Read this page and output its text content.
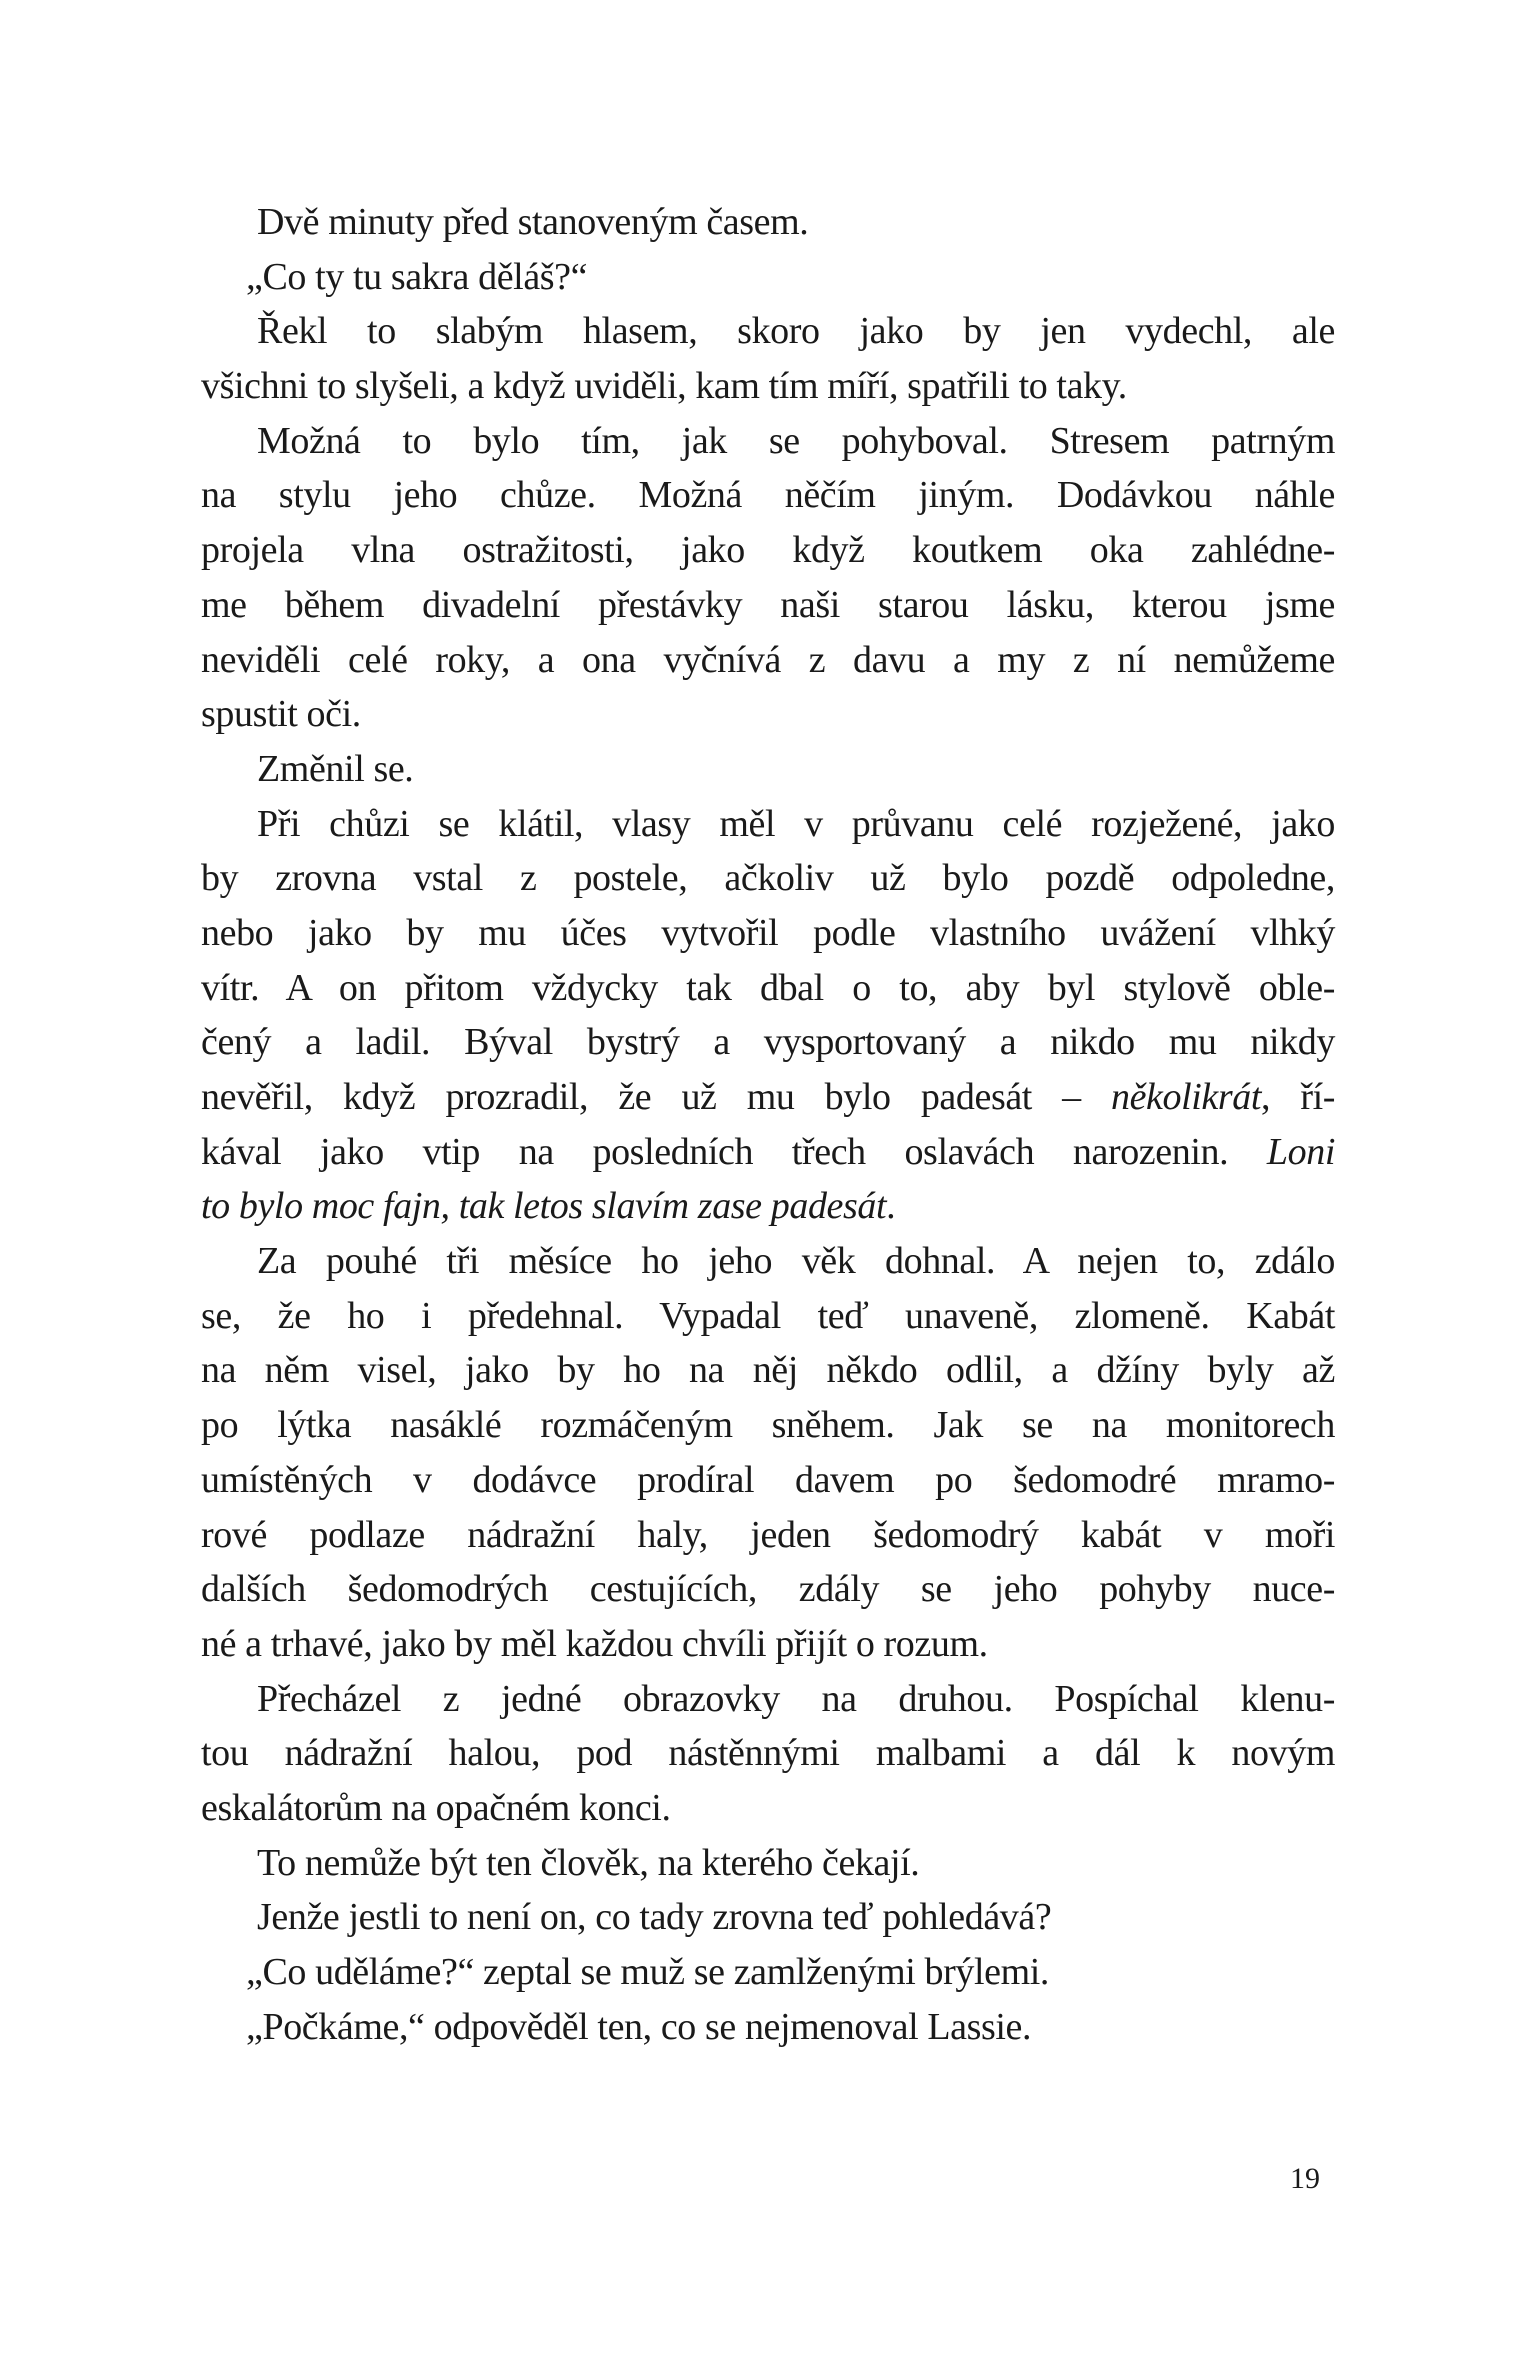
Dvě minuty před stanoveným časem.
„Co ty tu sakra děláš?“
Řekl to slabým hlasem, skoro jako by jen vydechl, ale
všichni to slyšeli, a když uviděli, kam tím míří, spatřili to taky.
Možná to bylo tím, jak se pohyboval. Stresem patrným
na stylu jeho chůze. Možná něčím jiným. Dodávkou náhle
projela vlna ostražitosti, jako když koutkem oka zahlédne-
me během divadelní přestávky naši starou lásku, kterou jsme
neviděli celé roky, a ona vyčnívá z davu a my z ní nemůžeme
spustit oči.
Změnil se.
Při chůzi se klátil, vlasy měl v průvanu celé rozježené, jako
by zrovna vstal z postele, ačkoliv už bylo pozdě odpoledne,
nebo jako by mu účes vytvořil podle vlastního uvážení vlhký
vítr. A on přitom vždycky tak dbal o to, aby byl stylově oble-
čený a ladil. Býval bystrý a vysportovaný a nikdo mu nikdy
nevěřil, když prozradil, že už mu bylo padesát – několikrát, ří-
kával jako vtip na posledních třech oslavách narozenin. Loni
to bylo moc fajn, tak letos slavím zase padesát.
Za pouhé tři měsíce ho jeho věk dohnal. A nejen to, zdálo
se, že ho i předehnal. Vypadal teď unaveně, zlomeně. Kabát
na něm visel, jako by ho na něj někdo odlil, a džíny byly až
po lýtka nasáklé rozmáčeným sněhem. Jak se na monitorech
umístěných v dodávce prodíral davem po šedomodré mramo-
rové podlaze nádražní haly, jeden šedomodrý kabát v moři
dalších šedomodrých cestujících, zdály se jeho pohyby nuce-
né a trhavé, jako by měl každou chvíli přijít o rozum.
Přecházel z jedné obrazovky na druhou. Pospíchal klenu-
tou nádražní halou, pod nástěnnými malbami a dál k novým
eskalátorům na opačném konci.
To nemůže být ten člověk, na kterého čekají.
Jenže jestli to není on, co tady zrovna teď pohledává?
„Co uděláme?“ zeptal se muž se zamlženými brýlemi.
„Počkáme,“ odpověděl ten, co se nejmenoval Lassie.
19
